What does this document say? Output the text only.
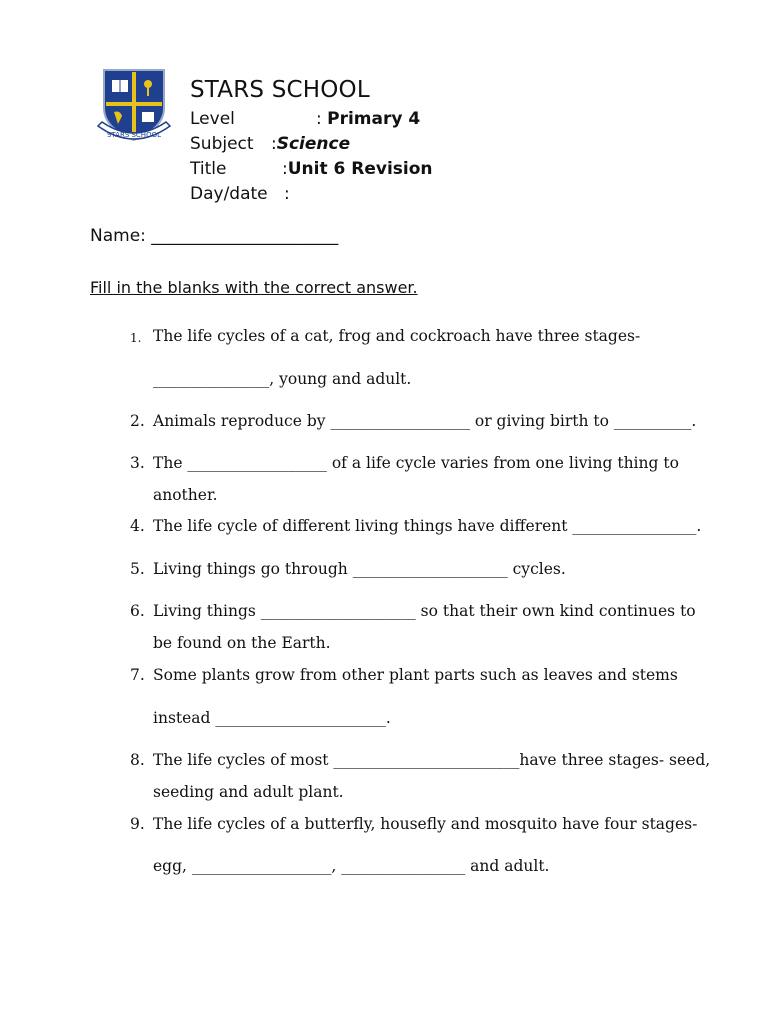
STARS SCHOOL
STARS SCHOOL
Level	: Primary 4
Subject :Science
Title	:Unit 6 Revision
Day/date :
Name: ______________________
Fill in the blanks with the correct answer.
1. The life cycles of a cat, frog and cockroach have three stages-
_______________, young and adult.
2. Animals reproduce by __________________ or giving birth to __________.
3. The __________________ of a life cycle varies from one living thing to
another.
4. The life cycle of different living things have different ________________.
5. Living things go through ____________________ cycles.
6. Living things ____________________ so that their own kind continues to
be found on the Earth.
7. Some plants grow from other plant parts such as leaves and stems
instead ______________________.
8. The life cycles of most ________________________have three stages- seed,
seeding and adult plant.
9. The life cycles of a butterfly, housefly and mosquito have four stages-
egg, __________________, ________________ and adult.
